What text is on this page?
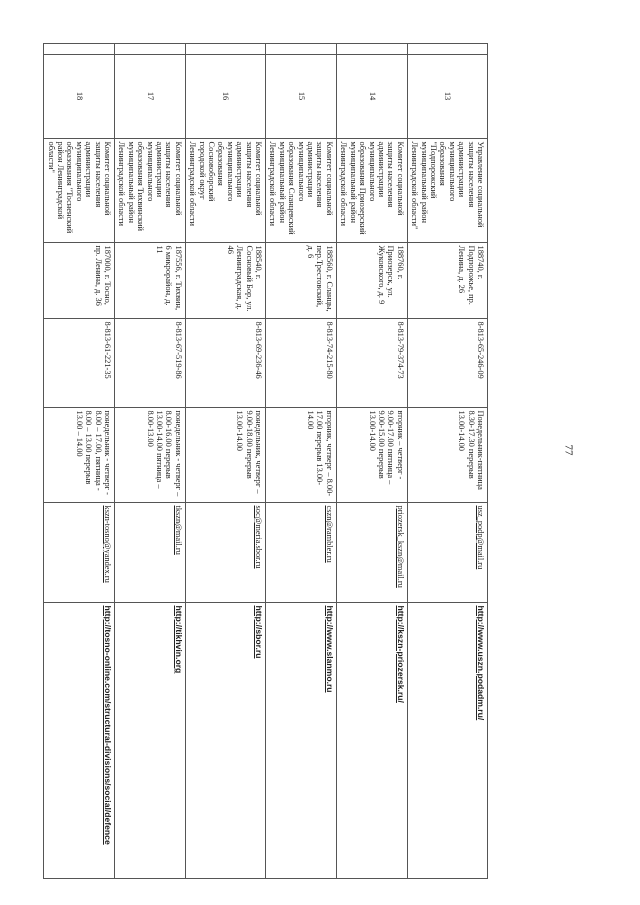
77
	13	Управление социальной защиты населения администрации муниципального образования "Подпорожский муниципальный район Ленинградской области"	188740, г. Подпорожье, пр. Ленина, д. 26	8-813-65-246-09	Понедельник-пятница 8.30-17.30 перерыв 13.00-14.00	usz_podp@mail.ru	http://www.uszn.podadm.ru/
	14	Комитет социальной защиты населения администрации муниципального образования Приозерский муниципальный район Ленинградской области	188760, г. Приозерск, ул. Жуковского, д. 9	8-813-79-374-73	вторник – четверг - 9.00-17.00 пятница – 9.00-15.00 перерыв 13.00-14.00	priozersk_kszn@mail.ru	http://kszn-priozersk.ru/
	15	Комитет социальной защиты населения администрации муниципального образования Сланцевский муниципальный район Ленинградской области	188560, г. Сланцы, пер.Трестовский, д. 6	8-813-74-215-80	вторник, четверг – 8.00-17.00 перерыв 13.00-14.00	cszn@rambler.ru	http://www.slanmo.ru
	16	Комитет социальной защиты населения администрации муниципального образования Сосновоборский городской округ Ленинградской области	188540, г. Сосновый Бор, ул. Ленинградская, д. 46	8-813-69-236-46	понедельник, четверг – 9.00-18.00 перерыв 13.00-14.00	soc@meria.sbor.ru	http://sbor.ru
	17	Комитет социальной защиты населения администрации муниципального образования Тихвинский муниципальный район Ленинградской области	187556, г. Тихвин, 6 микрорайон, д. 11	8-813-67-519-86	понедельник - четверг – 8.00-16.00 перерыв 13.00-14.00 пятница – 8.00-13.00	tkszn@mail.ru	http://tikhvin.org
	18	Комитет социальной защиты населения администрации муниципального образования "Тосненский район Ленинградской области"	187000, г. Тосно, пр. Ленина, д. 36	8-813-61-221-35	понедельник - четверг - 8.00 – 17.00, пятница - 8.00 – 13.00 перерыв 13.00 – 14.00	kszn-tosno@yandex.ru	http://tosno-online.com/structural-divisions/social/defence
